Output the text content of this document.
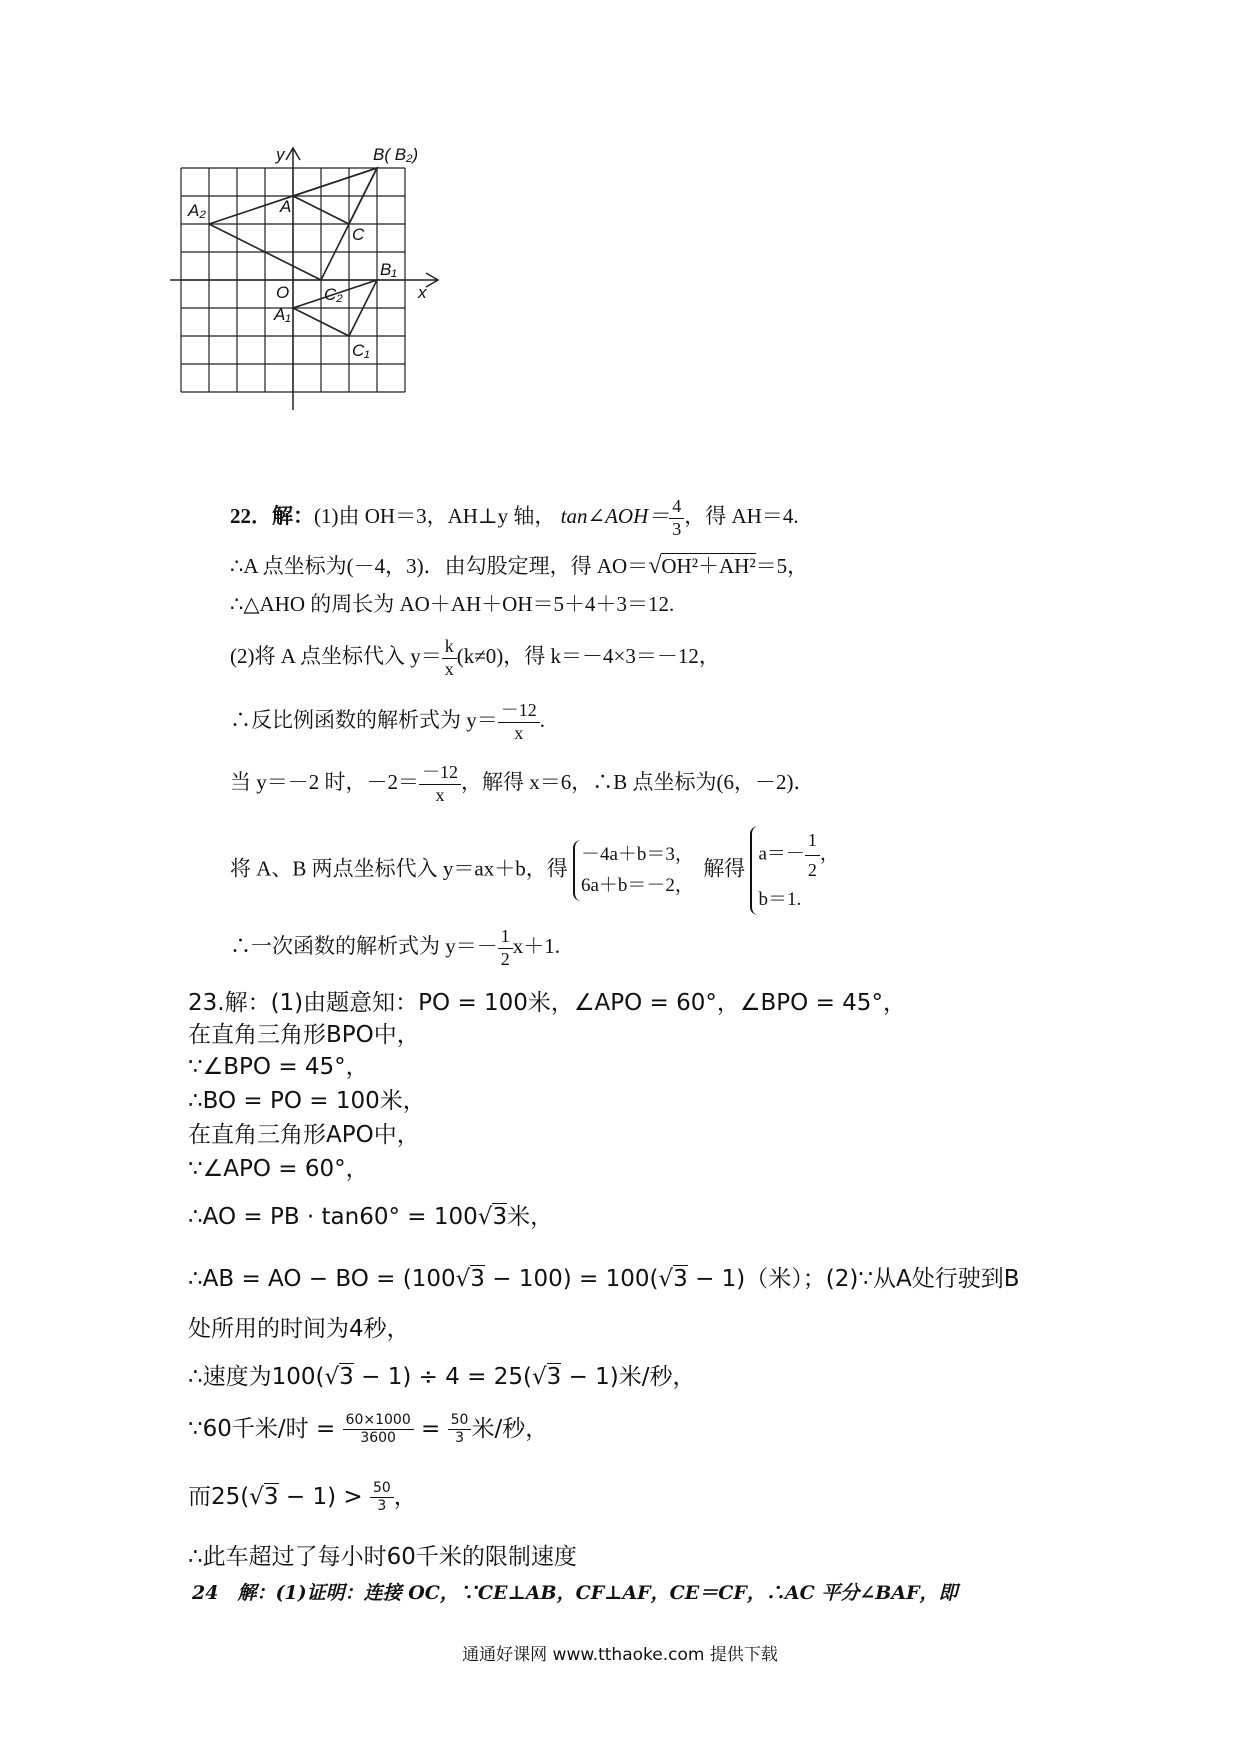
y
x
O
B( B₂)
A₂	A
C
B₁
C₂
A₁
C₁
22．解：(1)由 OH＝3，AH⊥y 轴， tan∠AOH＝ $\frac{4}{3}$ ，得 AH＝4.
∴A 点坐标为(－4，3)．由勾股定理，得 AO＝√OH²＋AH²＝5，
∴△AHO 的周长为 AO＋AH＋OH＝5＋4＋3＝12.
(2)将 A 点坐标代入 $y= \frac{k}{x} (k\ne 0)$，得 k＝－4×3＝－12，
∴反比例函数的解析式为 $y= \frac{-12}{x}$ .
当 y＝－2 时，$-2= \frac{-12}{x}$ ，解得 x＝6，∴B 点坐标为(6，－2)．
将 A、B 两点坐标代入 y＝ax＋b，得 －4a＋b＝3，
6a＋b＝－2， 解得 $a=- \frac{1}{2}$ ，
b＝1.
∴一次函数的解析式为 $y=- \frac{1}{2} x+1$.
23.解：(1)由题意知：PO = 100米，∠APO = 60°，∠BPO = 45°，
在直角三角形BPO中，
∵∠BPO = 45°，
∴BO = PO = 100米，
在直角三角形APO中，
∵∠APO = 60°，
∴AO = PB · tan60° = 100√3米，
∴AB = AO − BO = (100√3 − 100) = 100(√3 − 1)（米）；(2)∵从A处行驶到B
处所用的时间为4秒，
∴速度为100(√3 − 1) ÷ 4 = 25(√3 − 1)米/秒，
∵60千米/时 = $\frac{60\times 1000}{3600} = \frac{50}{3}$ 米/秒，
而$25(√3 - 1) > \frac{50}{3}$ ，
∴此车超过了每小时60千米的限制速度
24　解：(1)证明：连接 OC，∵CE⊥AB，CF⊥AF，CE＝CF，∴AC 平分∠BAF，即
通通好课网 www.tthaoke.com 提供下载
